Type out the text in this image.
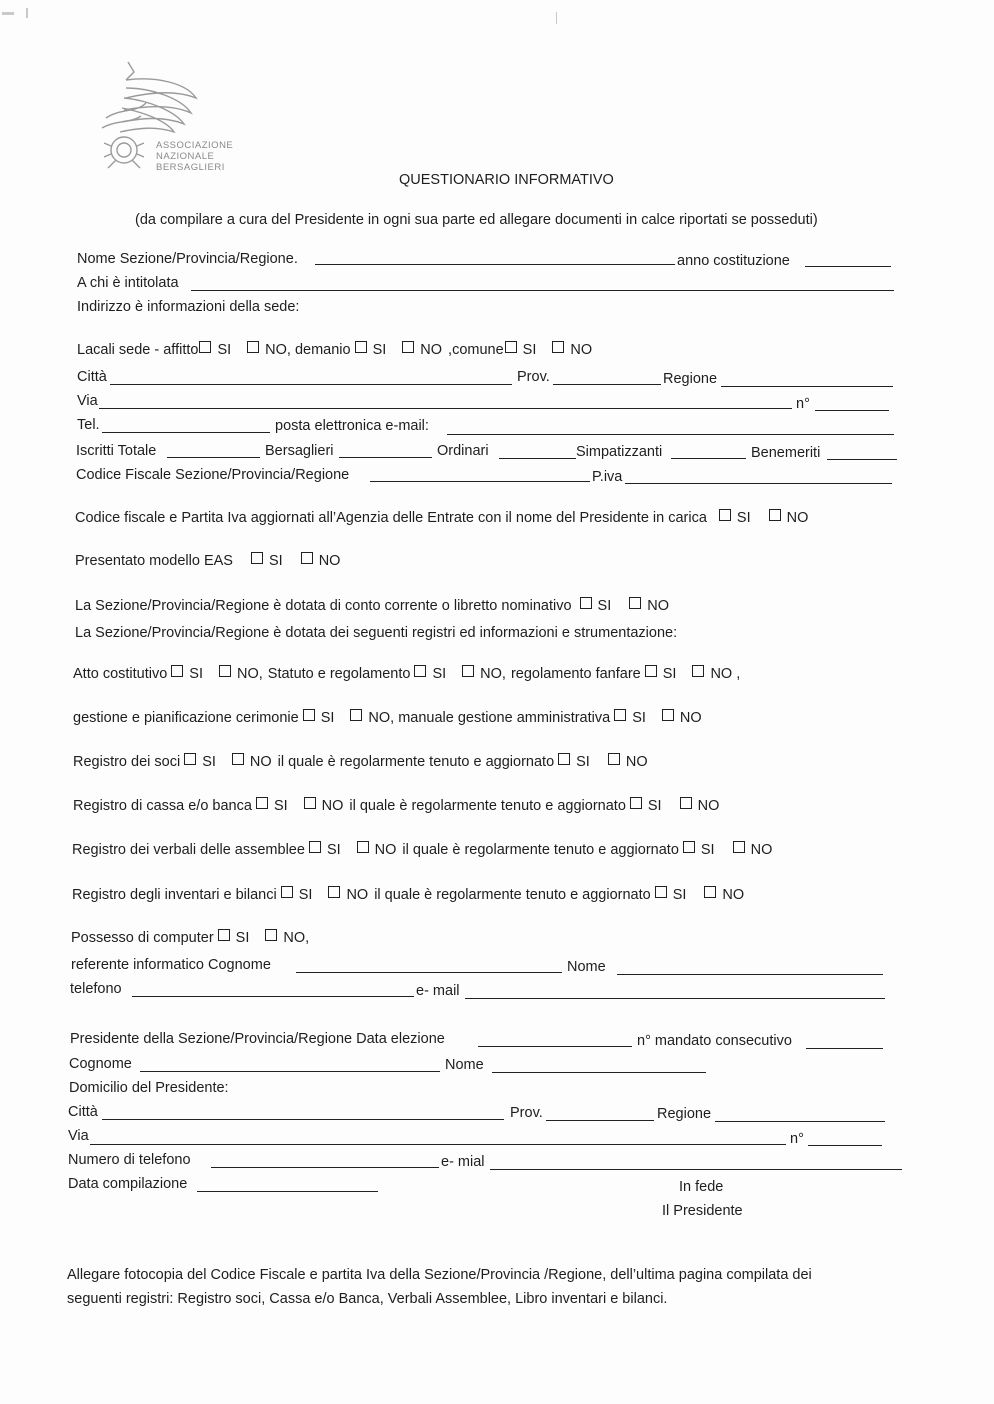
ASSOCIAZIONE
NAZIONALE
BERSAGLIERI
QUESTIONARIO INFORMATIVO
(da compilare a cura del Presidente in ogni sua parte ed allegare documenti in calce riportati se posseduti)
Nome Sezione/Provincia/Regione.	anno costituzione
A chi è intitolata
Indirizzo è informazioni della sede:
Lacali sede - affitto SI NO, demanio SI NO ,comune SI NO
Città	Prov.	Regione
Via	n°
Tel.	posta elettronica e-mail:
Iscritti Totale	Bersaglieri	Ordinari	Simpatizzanti	Benemeriti
Codice Fiscale Sezione/Provincia/Regione	P.iva
Codice fiscale e Partita Iva aggiornati all’Agenzia delle Entrate con il nome del Presidente in carica SI NO
Presentato modello EAS SI NO
La Sezione/Provincia/Regione è dotata di conto corrente o libretto nominativo SI NO
La Sezione/Provincia/Regione è dotata dei seguenti registri ed informazioni e strumentazione:
Atto costitutivo SI NO, Statuto e regolamento SI NO, regolamento fanfare SI NO ,
gestione e pianificazione cerimonie SI NO, manuale gestione amministrativa SI NO
Registro dei soci SI NO il quale è regolarmente tenuto e aggiornato SI NO
Registro di cassa e/o banca SI NO il quale è regolarmente tenuto e aggiornato SI NO
Registro dei verbali delle assemblee SI NO il quale è regolarmente tenuto e aggiornato SI NO
Registro degli inventari e bilanci SI NO il quale è regolarmente tenuto e aggiornato SI NO
Possesso di computer SI NO,
referente informatico Cognome	Nome
telefono	e- mail
Presidente della Sezione/Provincia/Regione Data elezione	n° mandato consecutivo
Cognome	Nome
Domicilio del Presidente:
Città	Prov.	Regione
Via	n°
Numero di telefono	e- mial
Data compilazione	In fede
Il Presidente
Allegare fotocopia del Codice Fiscale e partita Iva della Sezione/Provincia /Regione, dell’ultima pagina compilata dei
seguenti registri: Registro soci, Cassa e/o Banca, Verbali Assemblee, Libro inventari e bilanci.
